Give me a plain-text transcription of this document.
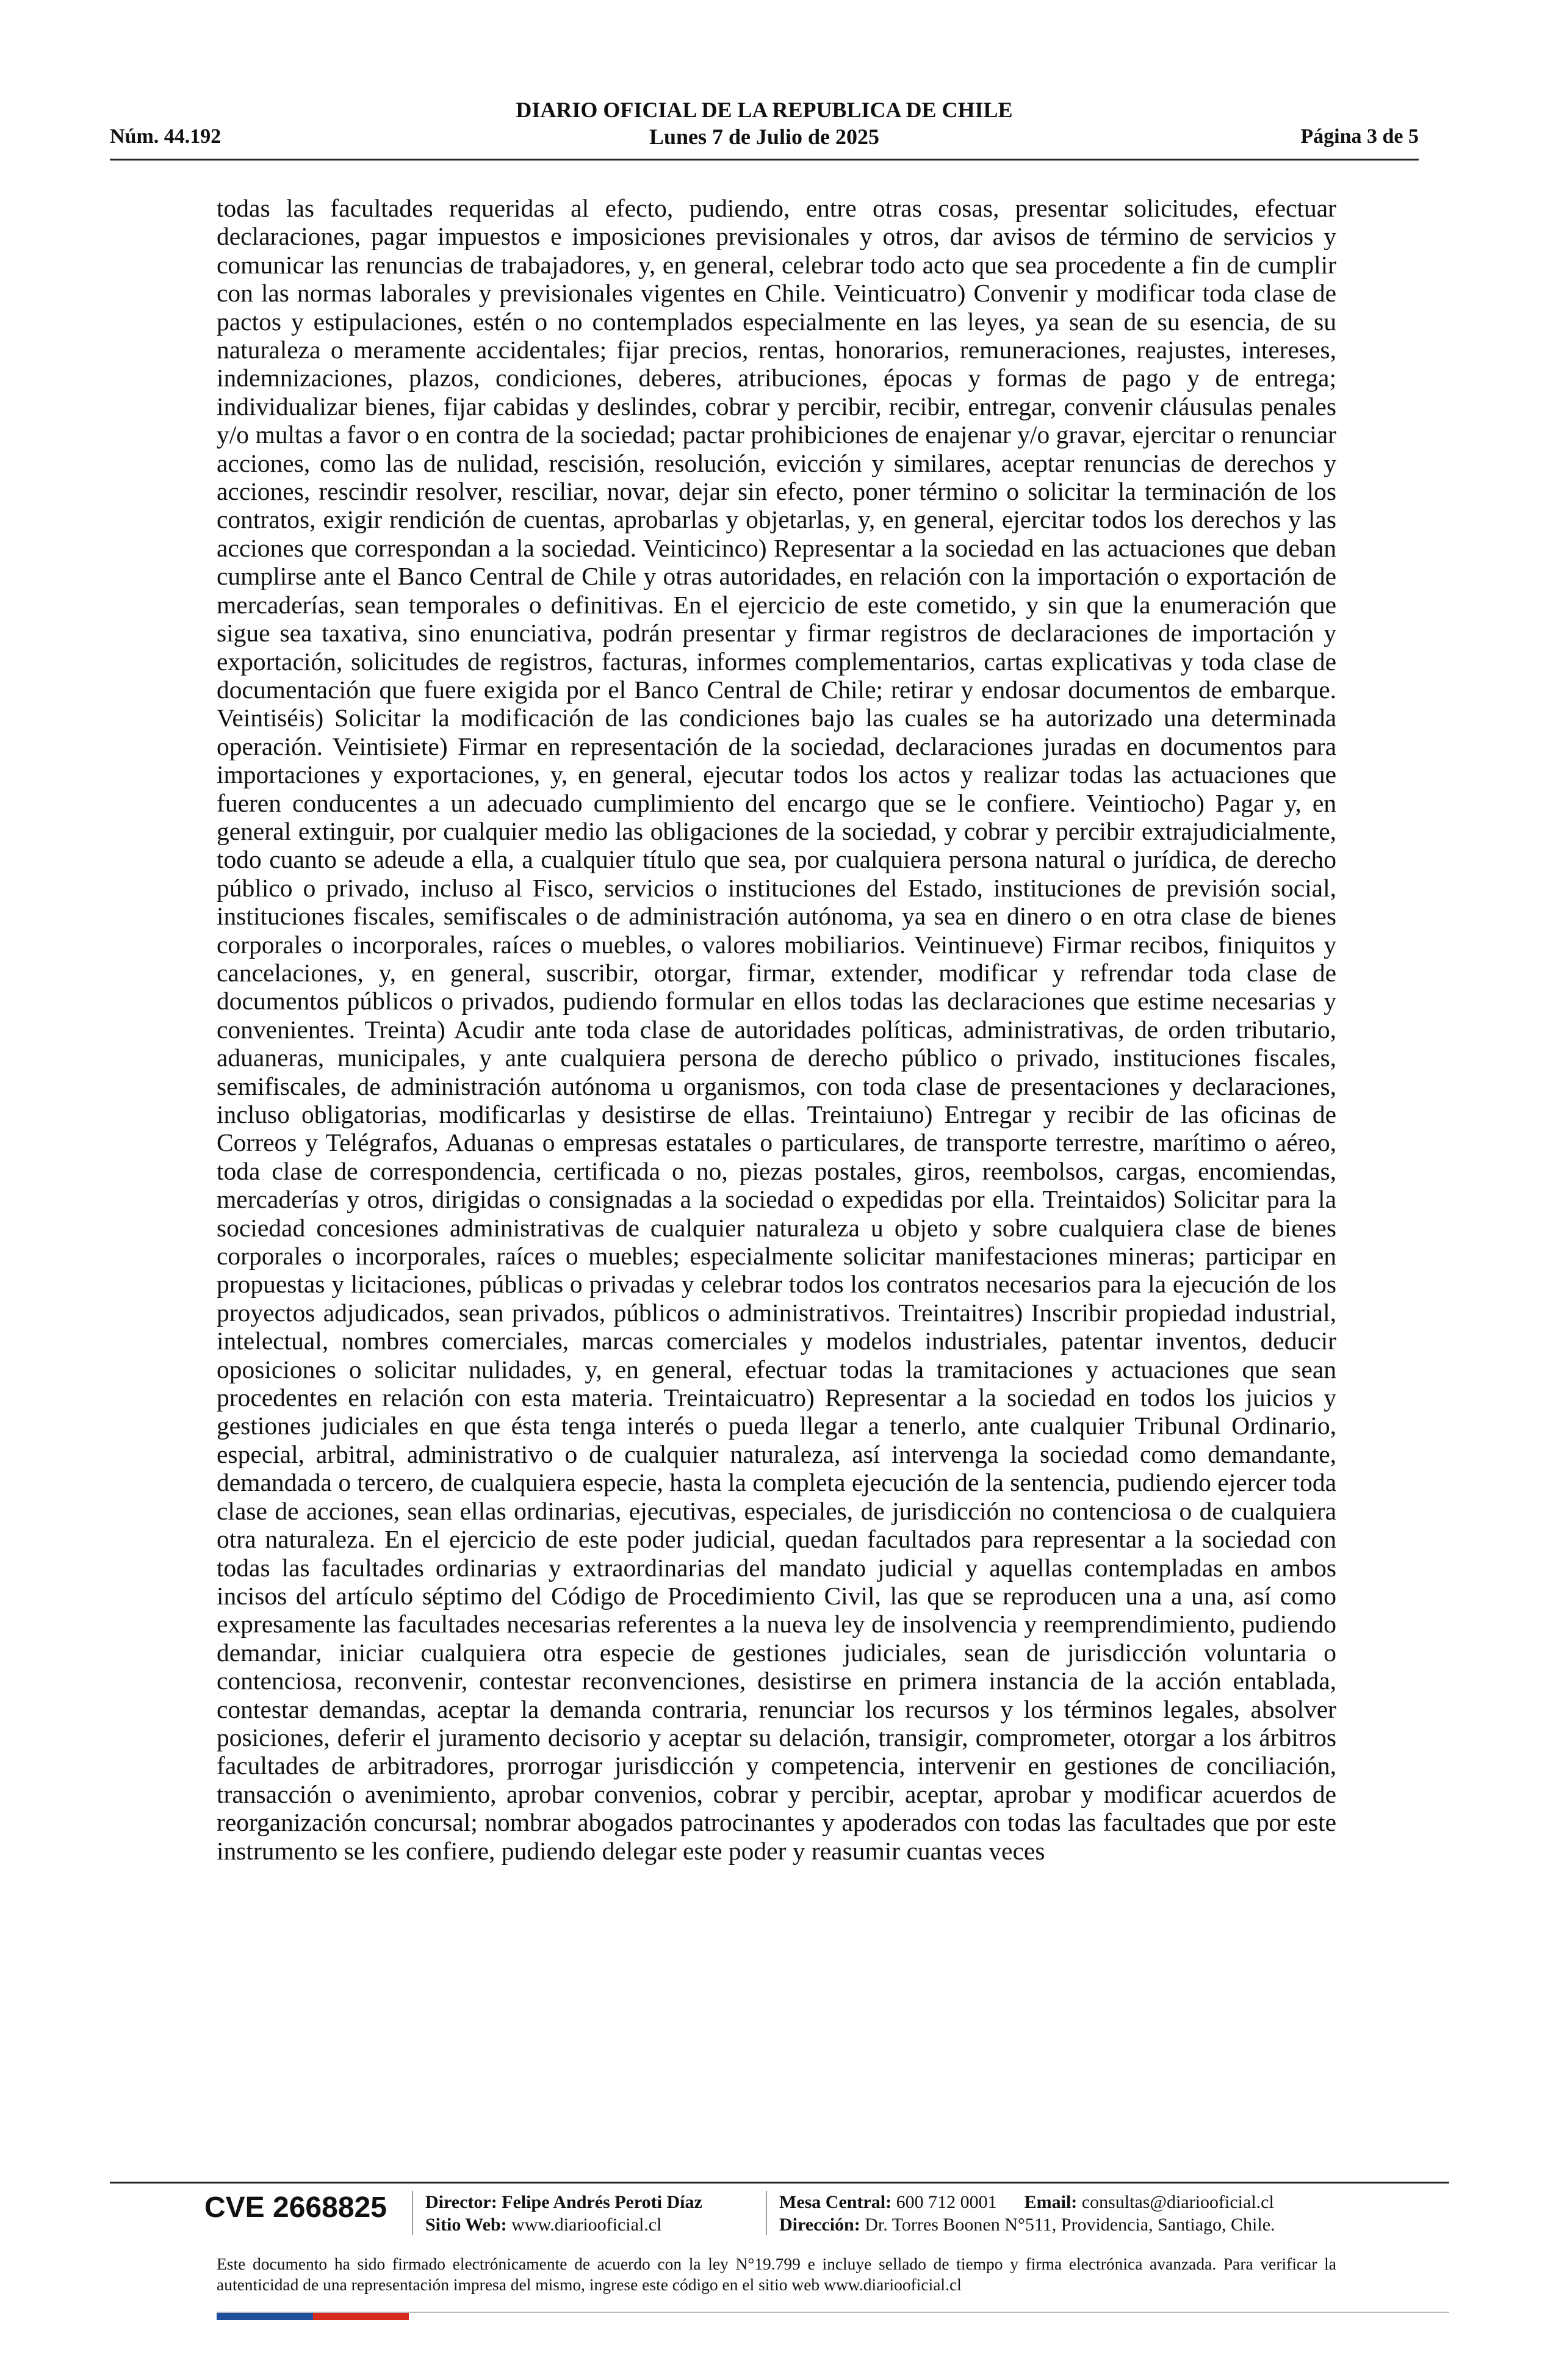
DIARIO OFICIAL DE LA REPUBLICA DE CHILE
Lunes 7 de Julio de 2025
Núm. 44.192	Página 3 de 5
todas las facultades requeridas al efecto, pudiendo, entre otras cosas, presentar solicitudes, efectuar declaraciones, pagar impuestos e imposiciones previsionales y otros, dar avisos de término de servicios y comunicar las renuncias de trabajadores, y, en general, celebrar todo acto que sea procedente a fin de cumplir con las normas laborales y previsionales vigentes en Chile. Veinticuatro) Convenir y modificar toda clase de pactos y estipulaciones, estén o no contemplados especialmente en las leyes, ya sean de su esencia, de su naturaleza o meramente accidentales; fijar precios, rentas, honorarios, remuneraciones, reajustes, intereses, indemnizaciones, plazos, condiciones, deberes, atribuciones, épocas y formas de pago y de entrega; individualizar bienes, fijar cabidas y deslindes, cobrar y percibir, recibir, entregar, convenir cláusulas penales y/o multas a favor o en contra de la sociedad; pactar prohibiciones de enajenar y/o gravar, ejercitar o renunciar acciones, como las de nulidad, rescisión, resolución, evicción y similares, aceptar renuncias de derechos y acciones, rescindir resolver, resciliar, novar, dejar sin efecto, poner término o solicitar la terminación de los contratos, exigir rendición de cuentas, aprobarlas y objetarlas, y, en general, ejercitar todos los derechos y las acciones que correspondan a la sociedad. Veinticinco) Representar a la sociedad en las actuaciones que deban cumplirse ante el Banco Central de Chile y otras autoridades, en relación con la importación o exportación de mercaderías, sean temporales o definitivas. En el ejercicio de este cometido, y sin que la enumeración que sigue sea taxativa, sino enunciativa, podrán presentar y firmar registros de declaraciones de importación y exportación, solicitudes de registros, facturas, informes complementarios, cartas explicativas y toda clase de documentación que fuere exigida por el Banco Central de Chile; retirar y endosar documentos de embarque. Veintiséis) Solicitar la modificación de las condiciones bajo las cuales se ha autorizado una determinada operación. Veintisiete) Firmar en representación de la sociedad, declaraciones juradas en documentos para importaciones y exportaciones, y, en general, ejecutar todos los actos y realizar todas las actuaciones que fueren conducentes a un adecuado cumplimiento del encargo que se le confiere. Veintiocho) Pagar y, en general extinguir, por cualquier medio las obligaciones de la sociedad, y cobrar y percibir extrajudicialmente, todo cuanto se adeude a ella, a cualquier título que sea, por cualquiera persona natural o jurídica, de derecho público o privado, incluso al Fisco, servicios o instituciones del Estado, instituciones de previsión social, instituciones fiscales, semifiscales o de administración autónoma, ya sea en dinero o en otra clase de bienes corporales o incorporales, raíces o muebles, o valores mobiliarios. Veintinueve) Firmar recibos, finiquitos y cancelaciones, y, en general, suscribir, otorgar, firmar, extender, modificar y refrendar toda clase de documentos públicos o privados, pudiendo formular en ellos todas las declaraciones que estime necesarias y convenientes. Treinta) Acudir ante toda clase de autoridades políticas, administrativas, de orden tributario, aduaneras, municipales, y ante cualquiera persona de derecho público o privado, instituciones fiscales, semifiscales, de administración autónoma u organismos, con toda clase de presentaciones y declaraciones, incluso obligatorias, modificarlas y desistirse de ellas. Treintaiuno) Entregar y recibir de las oficinas de Correos y Telégrafos, Aduanas o empresas estatales o particulares, de transporte terrestre, marítimo o aéreo, toda clase de correspondencia, certificada o no, piezas postales, giros, reembolsos, cargas, encomiendas, mercaderías y otros, dirigidas o consignadas a la sociedad o expedidas por ella. Treintaidos) Solicitar para la sociedad concesiones administrativas de cualquier naturaleza u objeto y sobre cualquiera clase de bienes corporales o incorporales, raíces o muebles; especialmente solicitar manifestaciones mineras; participar en propuestas y licitaciones, públicas o privadas y celebrar todos los contratos necesarios para la ejecución de los proyectos adjudicados, sean privados, públicos o administrativos. Treintaitres) Inscribir propiedad industrial, intelectual, nombres comerciales, marcas comerciales y modelos industriales, patentar inventos, deducir oposiciones o solicitar nulidades, y, en general, efectuar todas la tramitaciones y actuaciones que sean procedentes en relación con esta materia. Treintaicuatro) Representar a la sociedad en todos los juicios y gestiones judiciales en que ésta tenga interés o pueda llegar a tenerlo, ante cualquier Tribunal Ordinario, especial, arbitral, administrativo o de cualquier naturaleza, así intervenga la sociedad como demandante, demandada o tercero, de cualquiera especie, hasta la completa ejecución de la sentencia, pudiendo ejercer toda clase de acciones, sean ellas ordinarias, ejecutivas, especiales, de jurisdicción no contenciosa o de cualquiera otra naturaleza. En el ejercicio de este poder judicial, quedan facultados para representar a la sociedad con todas las facultades ordinarias y extraordinarias del mandato judicial y aquellas contempladas en ambos incisos del artículo séptimo del Código de Procedimiento Civil, las que se reproducen una a una, así como expresamente las facultades necesarias referentes a la nueva ley de insolvencia y reemprendimiento, pudiendo demandar, iniciar cualquiera otra especie de gestiones judiciales, sean de jurisdicción voluntaria o contenciosa, reconvenir, contestar reconvenciones, desistirse en primera instancia de la acción entablada, contestar demandas, aceptar la demanda contraria, renunciar los recursos y los términos legales, absolver posiciones, deferir el juramento decisorio y aceptar su delación, transigir, comprometer, otorgar a los árbitros facultades de arbitradores, prorrogar jurisdicción y competencia, intervenir en gestiones de conciliación, transacción o avenimiento, aprobar convenios, cobrar y percibir, aceptar, aprobar y modificar acuerdos de reorganización concursal; nombrar abogados patrocinantes y apoderados con todas las facultades que por este instrumento se les confiere, pudiendo delegar este poder y reasumir cuantas veces
CVE 2668825 Director: Felipe Andrés Peroti Díaz
Sitio Web: www.diariooficial.cl
Mesa Central: 600 712 0001 Email: consultas@diariooficial.cl
Dirección: Dr. Torres Boonen N°511, Providencia, Santiago, Chile.
Este documento ha sido firmado electrónicamente de acuerdo con la ley N°19.799 e incluye sellado de tiempo y firma electrónica avanzada. Para verificar la autenticidad de una representación impresa del mismo, ingrese este código en el sitio web www.diariooficial.cl
